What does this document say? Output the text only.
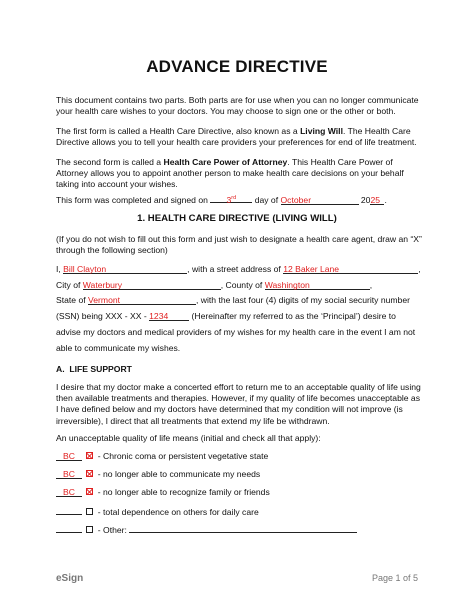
ADVANCE DIRECTIVE
This document contains two parts. Both parts are for use when you can no longer communicate your health care wishes to your doctors. You may choose to sign one or the other or both.
The first form is called a Health Care Directive, also known as a Living Will. The Health Care Directive allows you to tell your health care providers your preferences for end of life treatment.
The second form is called a Health Care Power of Attorney. This Health Care Power of Attorney allows you to appoint another person to make health care decisions on your behalf taking into account your wishes.
This form was completed and signed on 3rd day of October	2025 .
1. HEALTH CARE DIRECTIVE (LIVING WILL)
(If you do not wish to fill out this form and just wish to designate a health care agent, draw an “X” through the following section)
I, Bill Clayton	, with a street address of 12 Baker Lane	,
City of Waterbury	, County of Washington	,
State of Vermont	, with the last four (4) digits of my social security number
(SSN) being XXX - XX - 1234	(Hereinafter my referred to as the ‘Principal’) desire to
advise my doctors and medical providers of my wishes for my health care in the event I am not
able to communicate my wishes.
A.  LIFE SUPPORT
I desire that my doctor make a concerted effort to return me to an acceptable quality of life using then available treatments and therapies. However, if my quality of life becomes unacceptable as I have defined below and my doctors have determined that my condition will not improve (is irreversible), I direct that all treatments that extend my life be withdrawn.
An unacceptable quality of life means (initial and check all that apply):
BC	- Chronic coma or persistent vegetative state
BC	- no longer able to communicate my needs
BC	- no longer able to recognize family or friends
- total dependence on others for daily care
- Other:
eSign	Page 1 of 5
